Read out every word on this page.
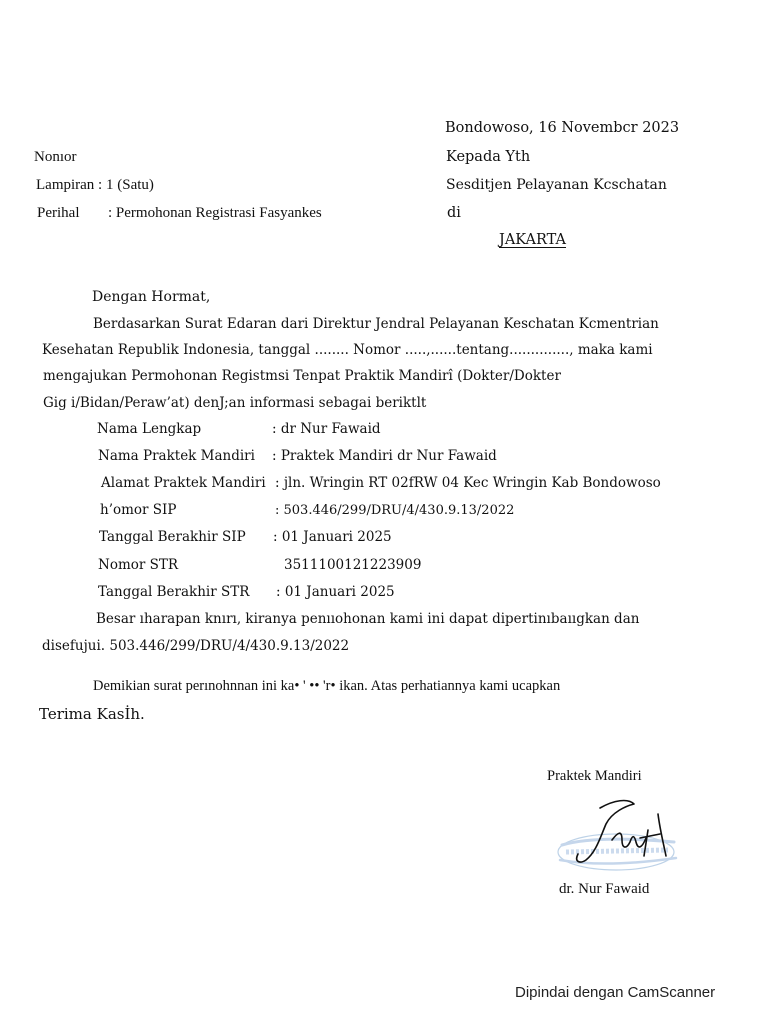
Bondowoso, 16 Novembcr 2023
Kepada Yth
Sesditjen Pelayanan Kcschatan
di
JAKARTA
Nonıor
Lampiran : 1 (Satu)
Perihal : Permohonan Registrasi Fasyankes
Dengan Hormat,
Berdasarkan Surat Edaran dari Direktur Jendral Pelayanan Keschatan Kcmentrian
Kesehatan Republik Indonesia, tanggal ........ Nomor .....,......tentang.............., maka kami
mengajukan Permohonan Registmsi Tenpat Praktik Mandirî (Dokter/Dokter
Gig i/Bidan/Peraw’at) denJ;an informasi sebagai beriktlt
Nama Lengkap	: dr Nur Fawaid
Nama Praktek Mandiri : Praktek Mandiri dr Nur Fawaid
Alamat Praktek Mandiri : jln. Wringin RT 02fRW 04 Kec Wringin Kab Bondowoso
h’omor SIP	: 503.446/299/DRU/4/430.9.13/2022
Tanggal Berakhir SIP : 01 Januari 2025
Nomor STR	3511100121223909
Tanggal Berakhir STR : 01 Januari 2025
Besar ıharapan knırı, kiranya penııohonan kami ini dapat dipertinıbaııgkan dan
disefujui. 503.446/299/DRU/4/430.9.13/2022
Demikian surat perınohnnan ini ka• ' •• 'r• ikan. Atas perhatiannya kami ucapkan
Terima Kasİh.
Praktek Mandiri
dr. Nur Fawaid
Dipindai dengan CamScanner
